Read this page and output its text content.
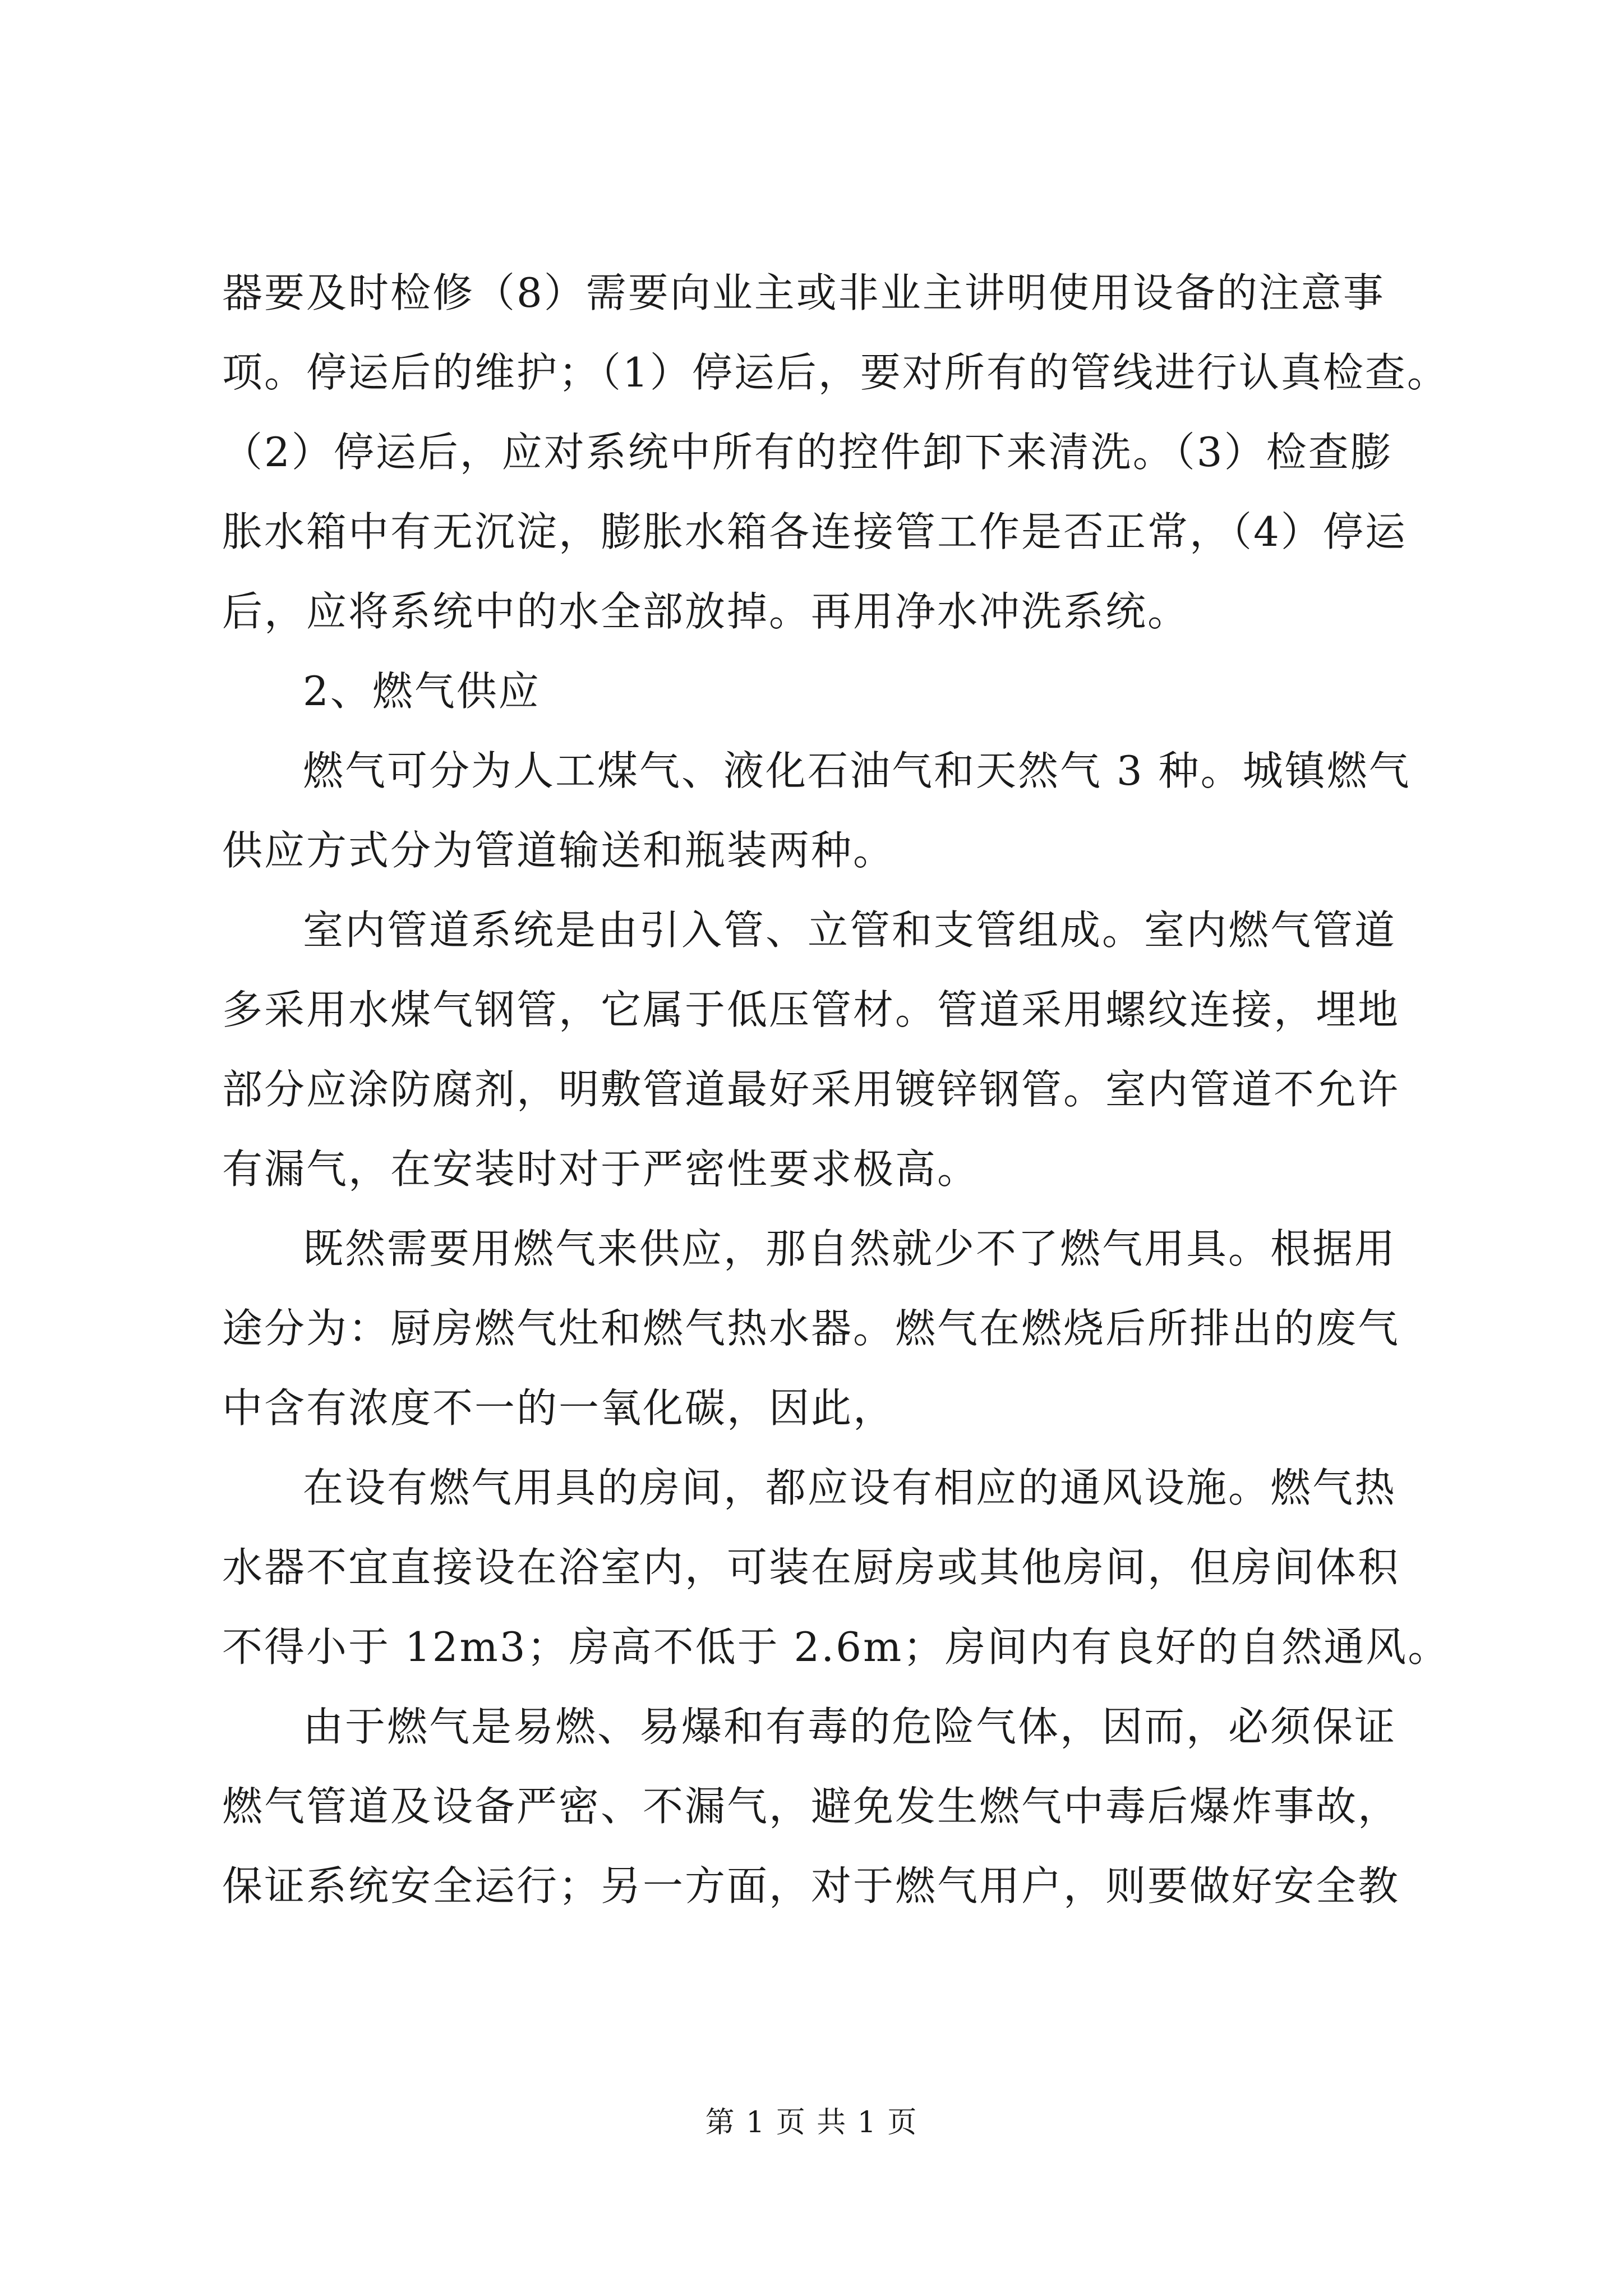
器要及时检修（8）需要向业主或非业主讲明使用设备的注意事
项。停运后的维护；（1）停运后，要对所有的管线进行认真检查。
（2）停运后，应对系统中所有的控件卸下来清洗。（3）检查膨
胀水箱中有无沉淀，膨胀水箱各连接管工作是否正常，（4）停运
后，应将系统中的水全部放掉。再用净水冲洗系统。
2、燃气供应
燃气可分为人工煤气、液化石油气和天然气 3 种。城镇燃气
供应方式分为管道输送和瓶装两种。
室内管道系统是由引入管、立管和支管组成。室内燃气管道
多采用水煤气钢管，它属于低压管材。管道采用螺纹连接，埋地
部分应涂防腐剂，明敷管道最好采用镀锌钢管。室内管道不允许
有漏气，在安装时对于严密性要求极高。
既然需要用燃气来供应，那自然就少不了燃气用具。根据用
途分为：厨房燃气灶和燃气热水器。燃气在燃烧后所排出的废气
中含有浓度不一的一氧化碳，因此，
在设有燃气用具的房间，都应设有相应的通风设施。燃气热
水器不宜直接设在浴室内，可装在厨房或其他房间，但房间体积
不得小于 12m3；房高不低于 2.6m；房间内有良好的自然通风。
由于燃气是易燃、易爆和有毒的危险气体，因而，必须保证
燃气管道及设备严密、不漏气，避免发生燃气中毒后爆炸事故，
保证系统安全运行；另一方面，对于燃气用户，则要做好安全教
第 1 页 共 1 页
